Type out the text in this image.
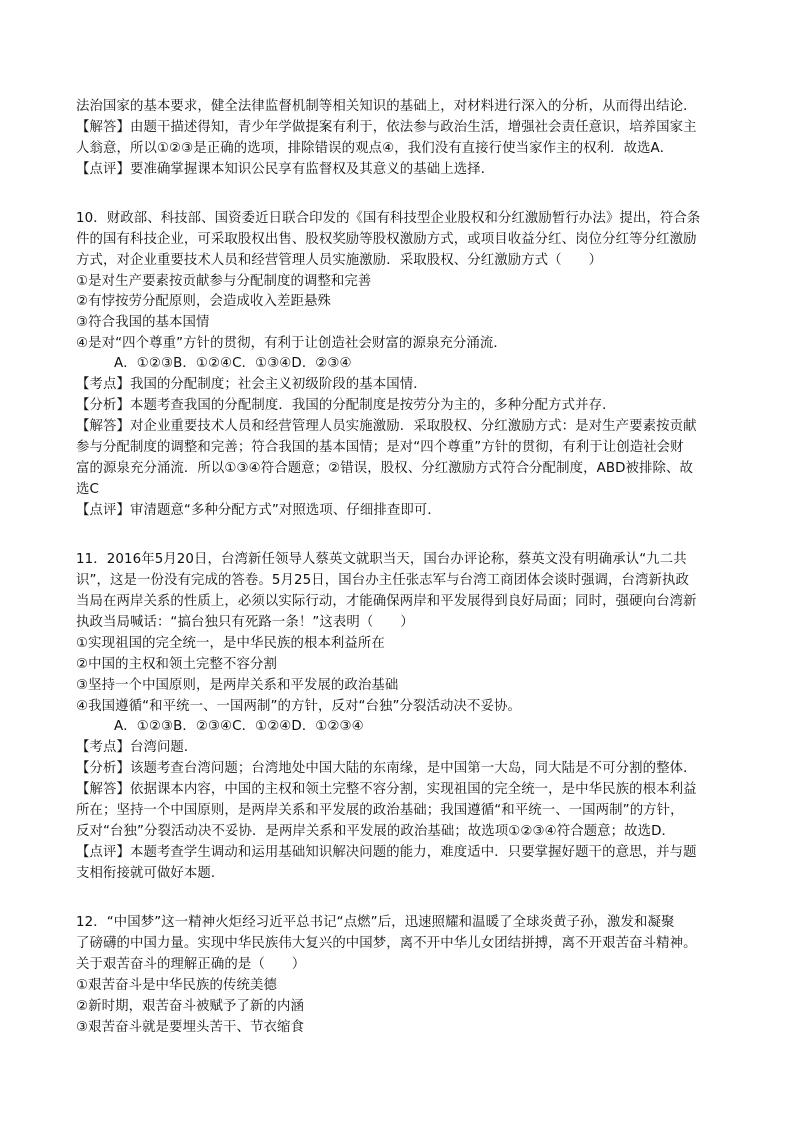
法治国家的基本要求，健全法律监督机制等相关知识的基础上，对材料进行深入的分析，从而得出结论．
【解答】由题干描述得知，青少年学做提案有利于，依法参与政治生活，增强社会责任意识，培养国家主
人翁意，所以①②③是正确的选项，排除错误的观点④，我们没有直接行使当家作主的权利．故选A．
【点评】要准确掌握课本知识公民享有监督权及其意义的基础上选择．
10．财政部、科技部、国资委近日联合印发的《国有科技型企业股权和分红激励暂行办法》提出，符合条
件的国有科技企业，可采取股权出售、股权奖励等股权激励方式，或项目收益分红、岗位分红等分红激励
方式，对企业重要技术人员和经营管理人员实施激励．采取股权、分红激励方式（　　）
①是对生产要素按贡献参与分配制度的调整和完善
②有悖按劳分配原则，会造成收入差距悬殊
③符合我国的基本国情
④是对“四个尊重”方针的贯彻，有利于让创造社会财富的源泉充分涌流．
A．①②③B．①②④C．①③④D．②③④
【考点】我国的分配制度；社会主义初级阶段的基本国情．
【分析】本题考查我国的分配制度．我国的分配制度是按劳分为主的，多种分配方式并存．
【解答】对企业重要技术人员和经营管理人员实施激励．采取股权、分红激励方式：是对生产要素按贡献
参与分配制度的调整和完善；符合我国的基本国情；是对“四个尊重”方针的贯彻，有利于让创造社会财
富的源泉充分涌流．所以①③④符合题意；②错误，股权、分红激励方式符合分配制度，ABD被排除、故
选C
【点评】审清题意“多种分配方式”对照选项、仔细排查即可．
11．2016年5月20日，台湾新任领导人蔡英文就职当天，国台办评论称，蔡英文没有明确承认“九二共
识”，这是一份没有完成的答卷。5月25日，国台办主任张志军与台湾工商团体会谈时强调，台湾新执政
当局在两岸关系的性质上，必须以实际行动，才能确保两岸和平发展得到良好局面；同时，强硬向台湾新
执政当局喊话：“搞台独只有死路一条！”这表明（　　）
①实现祖国的完全统一，是中华民族的根本利益所在
②中国的主权和领土完整不容分割
③坚持一个中国原则，是两岸关系和平发展的政治基础
④我国遵循“和平统一、一国两制”的方针，反对“台独”分裂活动决不妥协。
A．①②③B．②③④C．①②④D．①②③④
【考点】台湾问题．
【分析】该题考查台湾问题；台湾地处中国大陆的东南缘，是中国第一大岛，同大陆是不可分割的整体．
【解答】依据课本内容，中国的主权和领土完整不容分割，实现祖国的完全统一，是中华民族的根本利益
所在；坚持一个中国原则，是两岸关系和平发展的政治基础；我国遵循“和平统一、一国两制”的方针，
反对“台独”分裂活动决不妥协．是两岸关系和平发展的政治基础；故选项①②③④符合题意；故选D．
【点评】本题考查学生调动和运用基础知识解决问题的能力，难度适中．只要掌握好题干的意思，并与题
支相衔接就可做好本题．
12．“中国梦”这一精神火炬经习近平总书记“点燃”后，迅速照耀和温暖了全球炎黄子孙，激发和凝聚
了磅礴的中国力量。实现中华民族伟大复兴的中国梦，离不开中华儿女团结拼搏，离不开艰苦奋斗精神。
关于艰苦奋斗的理解正确的是（　　）
①艰苦奋斗是中华民族的传统美德
②新时期，艰苦奋斗被赋予了新的内涵
③艰苦奋斗就是要埋头苦干、节衣缩食
